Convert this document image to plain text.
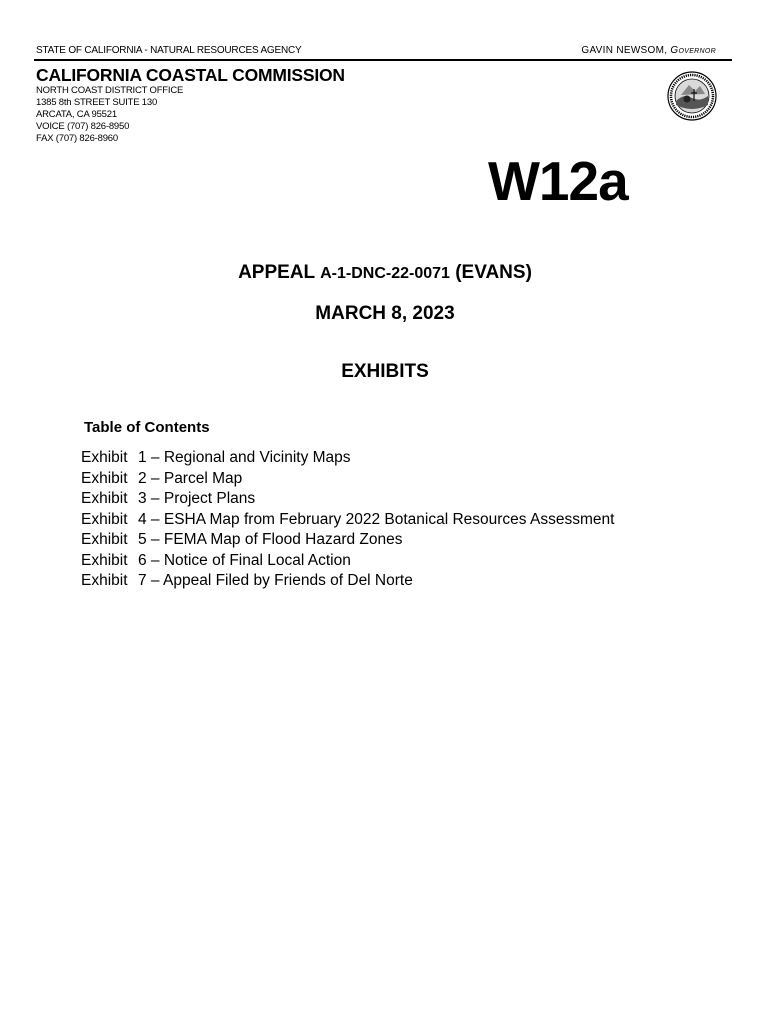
STATE OF CALIFORNIA - NATURAL RESOURCES AGENCY	GAVIN NEWSOM, Governor
CALIFORNIA COASTAL COMMISSION
NORTH COAST DISTRICT OFFICE
1385 8th STREET SUITE 130
ARCATA, CA 95521
VOICE (707) 826-8950
FAX (707) 826-8960
W12a
APPEAL A-1-DNC-22-0071 (EVANS)
MARCH 8, 2023
EXHIBITS
Table of Contents
Exhibit 1 – Regional and Vicinity Maps
Exhibit 2 – Parcel Map
Exhibit 3 – Project Plans
Exhibit 4 – ESHA Map from February 2022 Botanical Resources Assessment
Exhibit 5 – FEMA Map of Flood Hazard Zones
Exhibit 6 – Notice of Final Local Action
Exhibit 7 – Appeal Filed by Friends of Del Norte
